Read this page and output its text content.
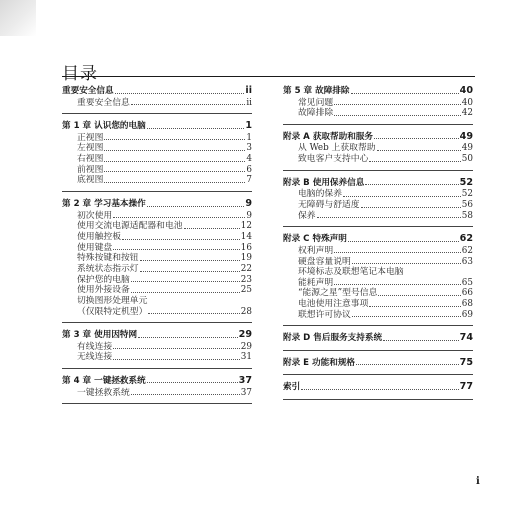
目录
重要安全信息	ii
重要安全信息	ii
第 1 章 认识您的电脑	1
正视图	1
左视图	3
右视图	4
前视图	6
底视图	7
第 2 章 学习基本操作	9
初次使用	9
使用交流电源适配器和电池	12
使用触控板	14
使用键盘	16
特殊按键和按钮	19
系统状态指示灯	22
保护您的电脑	23
使用外接设备	25
切换图形处理单元
（仅限特定机型）	28
第 3 章 使用因特网	29
有线连接	29
无线连接	31
第 4 章 一键拯救系统	37
一键拯救系统	37
第 5 章 故障排除	40
常见问题	40
故障排除	42
附录 A 获取帮助和服务	49
从 Web 上获取帮助	49
致电客户支持中心	50
附录 B 使用保养信息	52
电脑的保养	52
无障碍与舒适度	56
保养	58
附录 C 特殊声明	62
权利声明	62
硬盘容量说明	63
环境标志及联想笔记本电脑
能耗声明	65
“能源之星”型号信息	66
电池使用注意事项	68
联想许可协议	69
附录 D 售后服务支持系统	74
附录 E 功能和规格	75
索引	77
i
